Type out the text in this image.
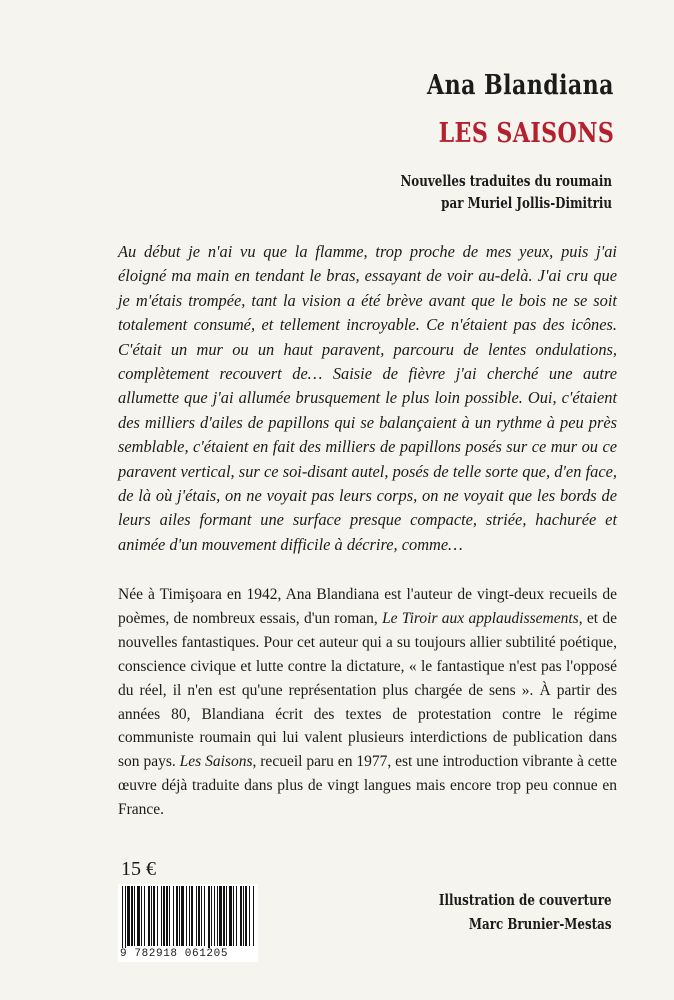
Ana Blandiana
LES SAISONS
Nouvelles traduites du roumain
par Muriel Jollis-Dimitriu

Au début je n'ai vu que la flamme, trop proche de mes yeux, puis j'ai éloigné ma main en tendant le bras, essayant de voir au-delà. J'ai cru que je m'étais trompée, tant la vision a été brève avant que le bois ne se soit totalement consumé, et tellement incroyable. Ce n'étaient pas des icônes. C'était un mur ou un haut paravent, parcouru de lentes ondulations, complètement recouvert de… Saisie de fièvre j'ai cherché une autre allumette que j'ai allumée brusquement le plus loin possible. Oui, c'étaient des milliers d'ailes de papillons qui se balançaient à un rythme à peu près semblable, c'étaient en fait des milliers de papillons posés sur ce mur ou ce paravent vertical, sur ce soi-disant autel, posés de telle sorte que, d'en face, de là où j'étais, on ne voyait pas leurs corps, on ne voyait que les bords de leurs ailes formant une surface presque compacte, striée, hachurée et animée d'un mouvement difficile à décrire, comme…

Née à Timişoara en 1942, Ana Blandiana est l'auteur de vingt-deux recueils de poèmes, de nombreux essais, d'un roman, Le Tiroir aux applaudissements, et de nouvelles fantastiques. Pour cet auteur qui a su toujours allier subtilité poétique, conscience civique et lutte contre la dictature, « le fantastique n'est pas l'opposé du réel, il n'en est qu'une représentation plus chargée de sens ». À partir des années 80, Blandiana écrit des textes de protestation contre le régime communiste roumain qui lui valent plusieurs interdictions de publication dans son pays. Les Saisons, recueil paru en 1977, est une introduction vibrante à cette œuvre déjà traduite dans plus de vingt langues mais encore trop peu connue en France.

15 €
9 782918 061205
Illustration de couverture
Marc Brunier-Mestas
